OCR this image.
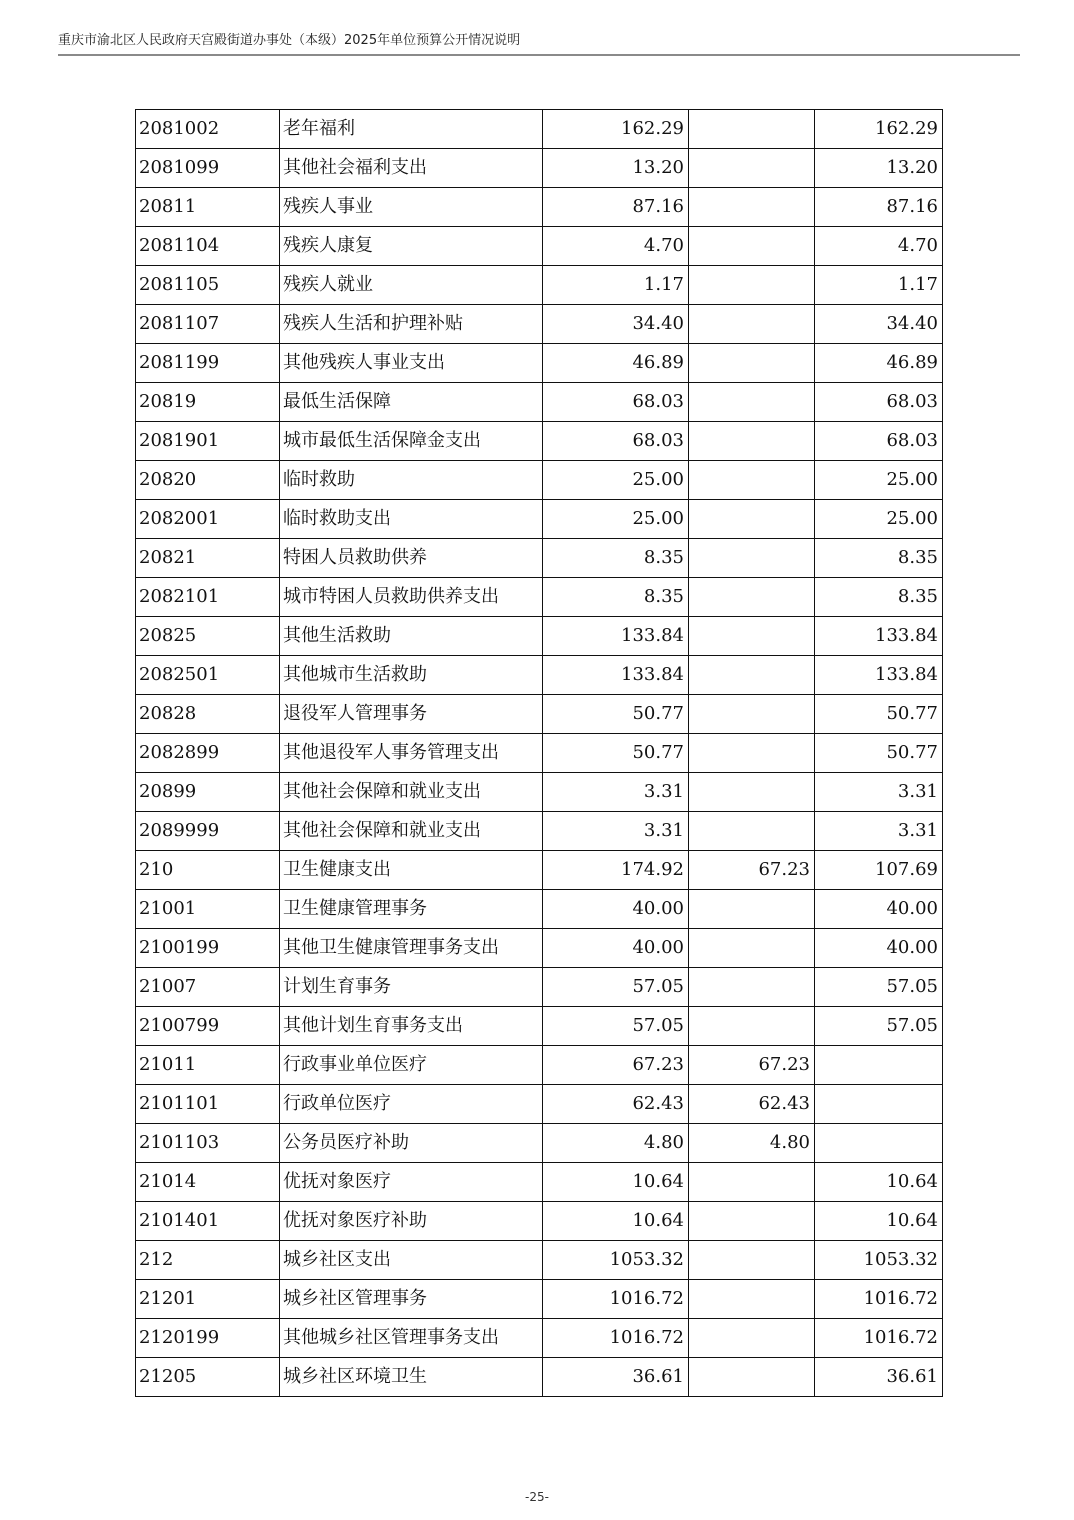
重庆市渝北区人民政府天宫殿街道办事处（本级）2025年单位预算公开情况说明
2081002	老年福利	162.29		162.29
2081099	其他社会福利支出	13.20		13.20
20811	残疾人事业	87.16		87.16
2081104	残疾人康复	4.70		4.70
2081105	残疾人就业	1.17		1.17
2081107	残疾人生活和护理补贴	34.40		34.40
2081199	其他残疾人事业支出	46.89		46.89
20819	最低生活保障	68.03		68.03
2081901	城市最低生活保障金支出	68.03		68.03
20820	临时救助	25.00		25.00
2082001	临时救助支出	25.00		25.00
20821	特困人员救助供养	8.35		8.35
2082101	城市特困人员救助供养支出	8.35		8.35
20825	其他生活救助	133.84		133.84
2082501	其他城市生活救助	133.84		133.84
20828	退役军人管理事务	50.77		50.77
2082899	其他退役军人事务管理支出	50.77		50.77
20899	其他社会保障和就业支出	3.31		3.31
2089999	其他社会保障和就业支出	3.31		3.31
210	卫生健康支出	174.92	67.23	107.69
21001	卫生健康管理事务	40.00		40.00
2100199	其他卫生健康管理事务支出	40.00		40.00
21007	计划生育事务	57.05		57.05
2100799	其他计划生育事务支出	57.05		57.05
21011	行政事业单位医疗	67.23	67.23	
2101101	行政单位医疗	62.43	62.43	
2101103	公务员医疗补助	4.80	4.80	
21014	优抚对象医疗	10.64		10.64
2101401	优抚对象医疗补助	10.64		10.64
212	城乡社区支出	1053.32		1053.32
21201	城乡社区管理事务	1016.72		1016.72
2120199	其他城乡社区管理事务支出	1016.72		1016.72
21205	城乡社区环境卫生	36.61		36.61
-25-
